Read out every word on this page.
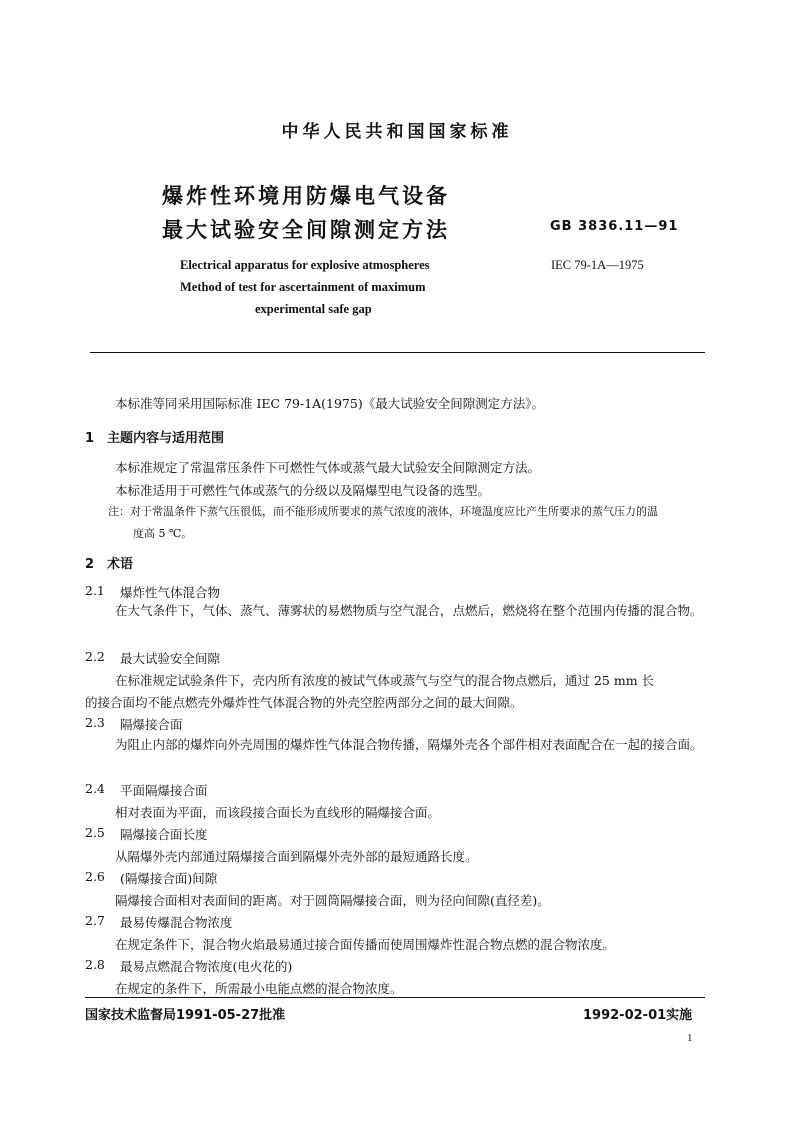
中华人民共和国国家标准
爆炸性环境用防爆电气设备
最大试验安全间隙测定方法	GB 3836.11—91
Electrical apparatus for explosive atmospheres
Method of test for ascertainment of maximum
experimental safe gap
IEC 79-1A—1975
本标准等同采用国际标准 IEC 79-1A(1975)《最大试验安全间隙测定方法》。
1　主题内容与适用范围
本标准规定了常温常压条件下可燃性气体或蒸气最大试验安全间隙测定方法。
本标准适用于可燃性气体或蒸气的分级以及隔爆型电气设备的选型。
注：对于常温条件下蒸气压很低，而不能形成所要求的蒸气浓度的液体，环境温度应比产生所要求的蒸气压力的温
度高 5 ℃。
2　术语
2.1 爆炸性气体混合物
在大气条件下，气体、蒸气、薄雾状的易燃物质与空气混合，点燃后，燃烧将在整个范围内传播的混合物。
2.2 最大试验安全间隙
在标准规定试验条件下，壳内所有浓度的被试气体或蒸气与空气的混合物点燃后，通过 25 mm 长
的接合面均不能点燃壳外爆炸性气体混合物的外壳空腔两部分之间的最大间隙。
2.3 隔爆接合面
为阻止内部的爆炸向外壳周围的爆炸性气体混合物传播，隔爆外壳各个部件相对表面配合在一起的接合面。
2.4 平面隔爆接合面
相对表面为平面，而该段接合面长为直线形的隔爆接合面。
2.5 隔爆接合面长度
从隔爆外壳内部通过隔爆接合面到隔爆外壳外部的最短通路长度。
2.6 (隔爆接合面)间隙
隔爆接合面相对表面间的距离。对于圆筒隔爆接合面，则为径向间隙(直径差)。
2.7 最易传爆混合物浓度
在规定条件下，混合物火焰最易通过接合面传播而使周围爆炸性混合物点燃的混合物浓度。
2.8 最易点燃混合物浓度(电火花的)
在规定的条件下，所需最小电能点燃的混合物浓度。
国家技术监督局1991-05-27批准	1992-02-01实施
1
